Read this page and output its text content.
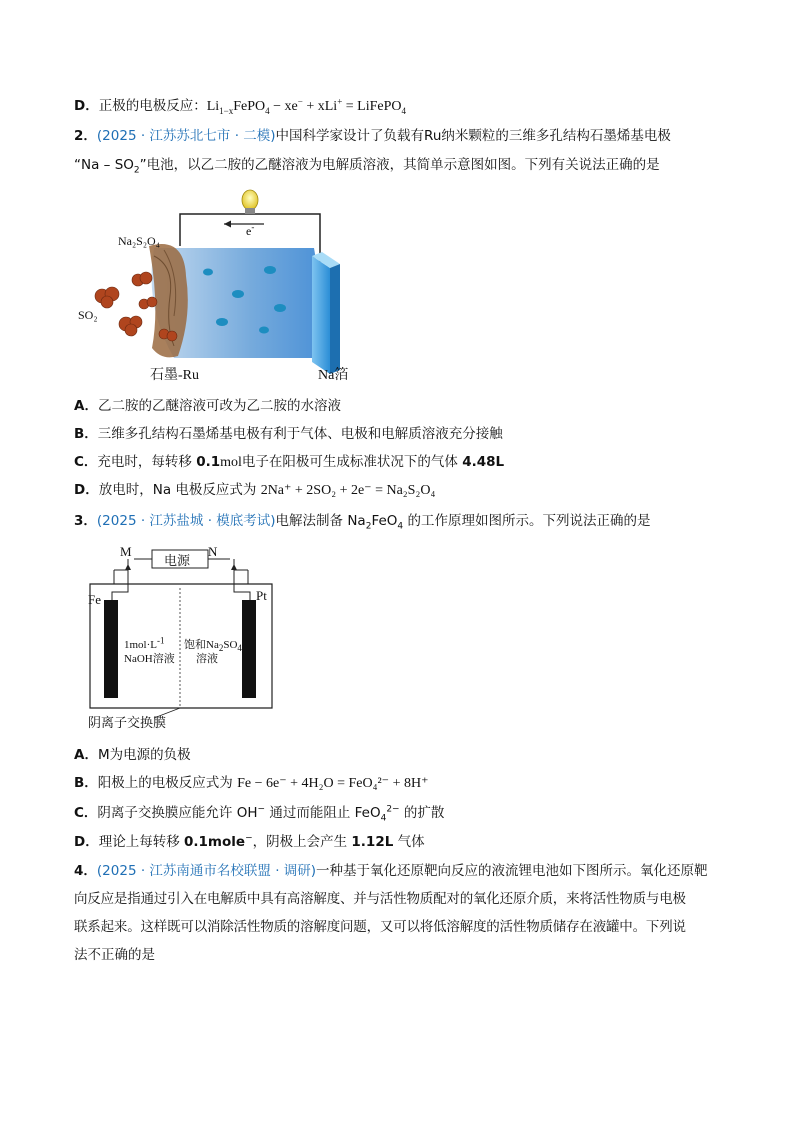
D．正极的电极反应：$Li_{1-x}FePO_4 - xe^- + xLi^+$ = LiFePO$_4$
2．(2025 · 江苏苏北七市 · 二模)中国科学家设计了负载有Ru纳米颗粒的三维多孔结构石墨烯基电极
“Na – $SO_2$”电池，以乙二胺的乙醚溶液为电解质溶液，其简单示意图如图。下列有关说法正确的是
e-
Na₂S₂O₄
SO₂
石墨-Ru	Na箔
A．乙二胺的乙醚溶液可改为乙二胺的水溶液
B．三维多孔结构石墨烯基电极有利于气体、电极和电解质溶液充分接触
C．充电时，每转移 0.1mol电子在阳极可生成标准状况下的气体 4.48L
D．放电时，Na 电极反应式为 2Na⁺ + 2SO₂ + 2e⁻ = Na₂S₂O₄
3．(2025 · 江苏盐城 · 模底考试)电解法制备 $Na_2FeO_4$ 的工作原理如图所示。下列说法正确的是
M	N
电源
Fe	Pt
$1mol\cdot L^{-1}$
NaOH溶液
饱和$Na_2SO_4$
溶液
阴离子交换膜
A．M为电源的负极
B．阳极上的电极反应式为 Fe − 6e⁻ + 4H₂O = FeO₄²⁻ + 8H⁺
C．阴离子交换膜应能允许 OH− 通过而能阻止 FeO$_4^{2-}$ 的扩散
D．理论上每转移 0.1mole−，阴极上会产生 1.12L 气体
4．(2025 · 江苏南通市名校联盟 · 调研)一种基于氧化还原靶向反应的液流锂电池如下图所示。氧化还原靶
向反应是指通过引入在电解质中具有高溶解度、并与活性物质配对的氧化还原介质，来将活性物质与电极
联系起来。这样既可以消除活性物质的溶解度问题，又可以将低溶解度的活性物质储存在液罐中。下列说
法不正确的是
